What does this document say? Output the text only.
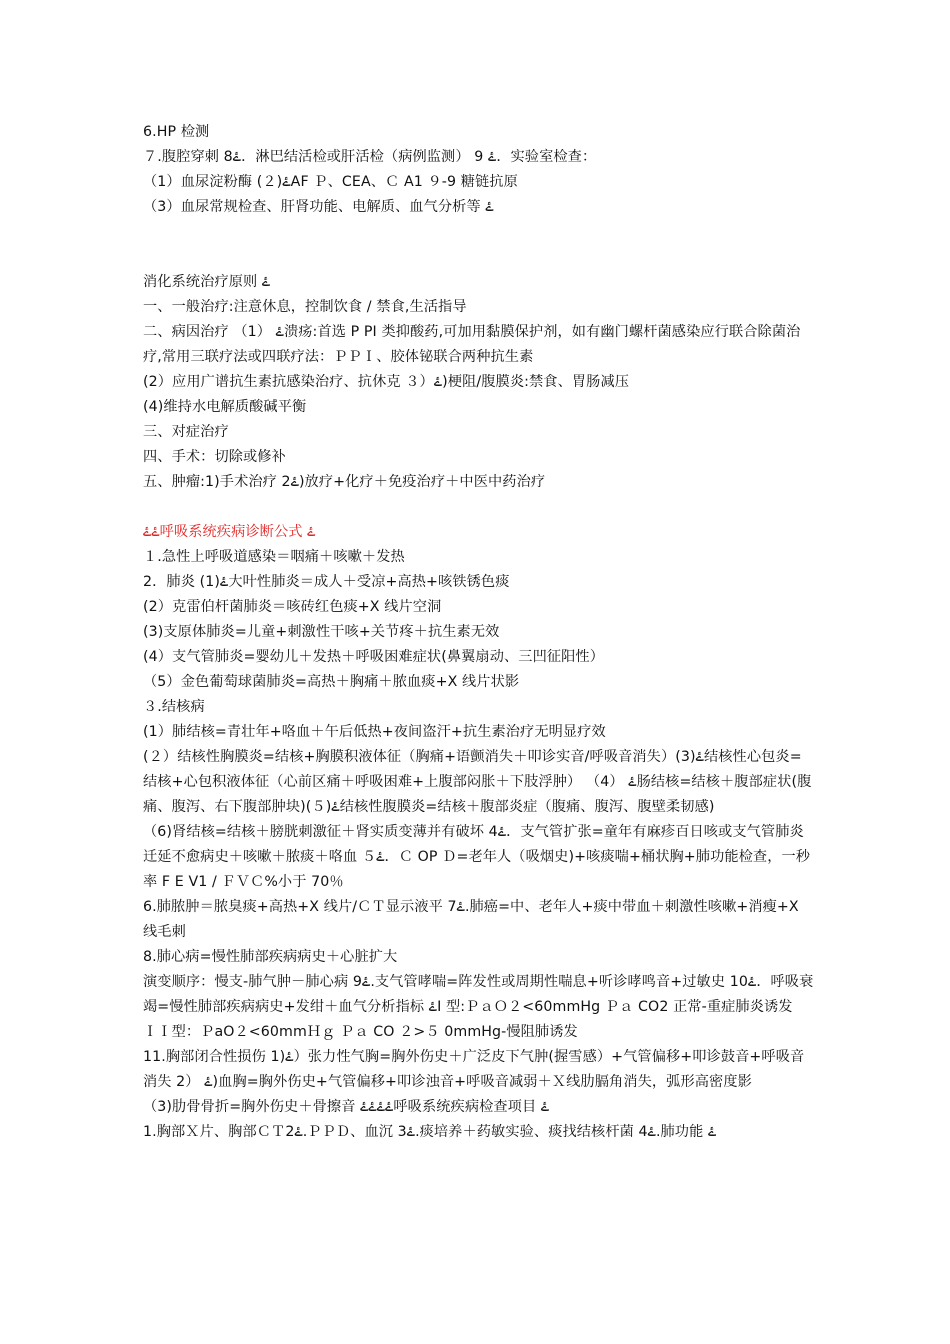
6.HP 检测

７.腹腔穿刺 8ۓ．淋巴结活检或肝活检（病例监测） 9 ۓ．实验室检查：

（1）血尿淀粉酶 (２)ۓAF Ｐ、CEA、Ｃ A1 ９-9 糖链抗原

（3）血尿常规检查、肝肾功能、电解质、血气分析等 ۓ

消化系统治疗原则 ۓ

一、一般治疗:注意休息，控制饮食 / 禁食,生活指导

二、病因治疗 （1） ۓ溃疡:首选 P PI 类抑酸药,可加用黏膜保护剂，如有幽门螺杆菌感染应行联合除菌治疗,常用三联疗法或四联疗法：ＰＰＩ、胶体铋联合两种抗生素

(2）应用广谱抗生素抗感染治疗、抗休克 ３）ۓ)梗阻/腹膜炎:禁食、胃肠减压

(4)维持水电解质酸碱平衡

三、对症治疗

四、手术：切除或修补

五、肿瘤:1)手术治疗 2ۓ)放疗+化疗＋免疫治疗＋中医中药治疗

ۓۓ呼吸系统疾病诊断公式 ۓ

１.急性上呼吸道感染＝咽痛＋咳嗽＋发热

2．肺炎 (1)ۓ大叶性肺炎＝成人＋受凉+高热+咳铁锈色痰

(2）克雷伯杆菌肺炎＝咳砖红色痰+X 线片空洞

(3)支原体肺炎=儿童+刺激性干咳+关节疼＋抗生素无效

(4）支气管肺炎=婴幼儿＋发热＋呼吸困难症状(鼻翼扇动、三凹征阳性）

（5）金色葡萄球菌肺炎=高热＋胸痛＋脓血痰+X 线片状影

３.结核病

(1）肺结核=青壮年+咯血＋午后低热+夜间盗汗+抗生素治疗无明显疗效

(２）结核性胸膜炎=结核+胸膜积液体征（胸痛+语颤消失＋叩诊实音/呼吸音消失）(3)ۓ结核性心包炎=结核+心包积液体征（心前区痛＋呼吸困难+上腹部闷胀＋下肢浮肿） （4） ۓ肠结核=结核＋腹部症状(腹痛、腹泻、右下腹部肿块)(５)ۓ结核性腹膜炎=结核＋腹部炎症（腹痛、腹泻、腹壁柔韧感)

（6)肾结核=结核＋膀胱刺激征＋肾实质变薄并有破坏 4ۓ．支气管扩张=童年有麻疹百日咳或支气管肺炎迁延不愈病史＋咳嗽＋脓痰＋咯血 ５ۓ．Ｃ OP Ｄ=老年人（吸烟史)+咳痰喘+桶状胸+肺功能检查，一秒率 F E V1 / ＦＶＣ%小于 70％

6.肺脓肿＝脓臭痰+高热+X 线片/ＣＴ显示液平 7ۓ.肺癌=中、老年人+痰中带血＋刺激性咳嗽+消瘦+X 线毛刺

8.肺心病=慢性肺部疾病病史＋心脏扩大

演变顺序：慢支-肺气肿－肺心病 9ۓ.支气管哮喘=阵发性或周期性喘息+听诊哮鸣音+过敏史 10ۓ．呼吸衰竭=慢性肺部疾病病史+发绀＋血气分析指标 ۓI 型:ＰａＯ２<60mmHg Ｐａ CO2 正常-重症肺炎诱发

ＩＩ型：ＰaO２<60mmＨｇ Ｐａ CO ２>５ 0mmHg-慢阻肺诱发

11.胸部闭合性损伤 1)ۓ）张力性气胸=胸外伤史＋广泛皮下气肿(握雪感）+气管偏移+叩诊鼓音+呼吸音消失 2） ۓ)血胸=胸外伤史+气管偏移+叩诊浊音+呼吸音减弱＋Ｘ线肋膈角消失，弧形高密度影

（3)肋骨骨折=胸外伤史＋骨擦音 ۓۓۓۓ呼吸系统疾病检查项目 ۓ

1.胸部Ｘ片、胸部ＣＴ2ۓ.ＰＰＤ、血沉 3ۓ.痰培养＋药敏实验、痰找结核杆菌 4ۓ.肺功能 ۓ
